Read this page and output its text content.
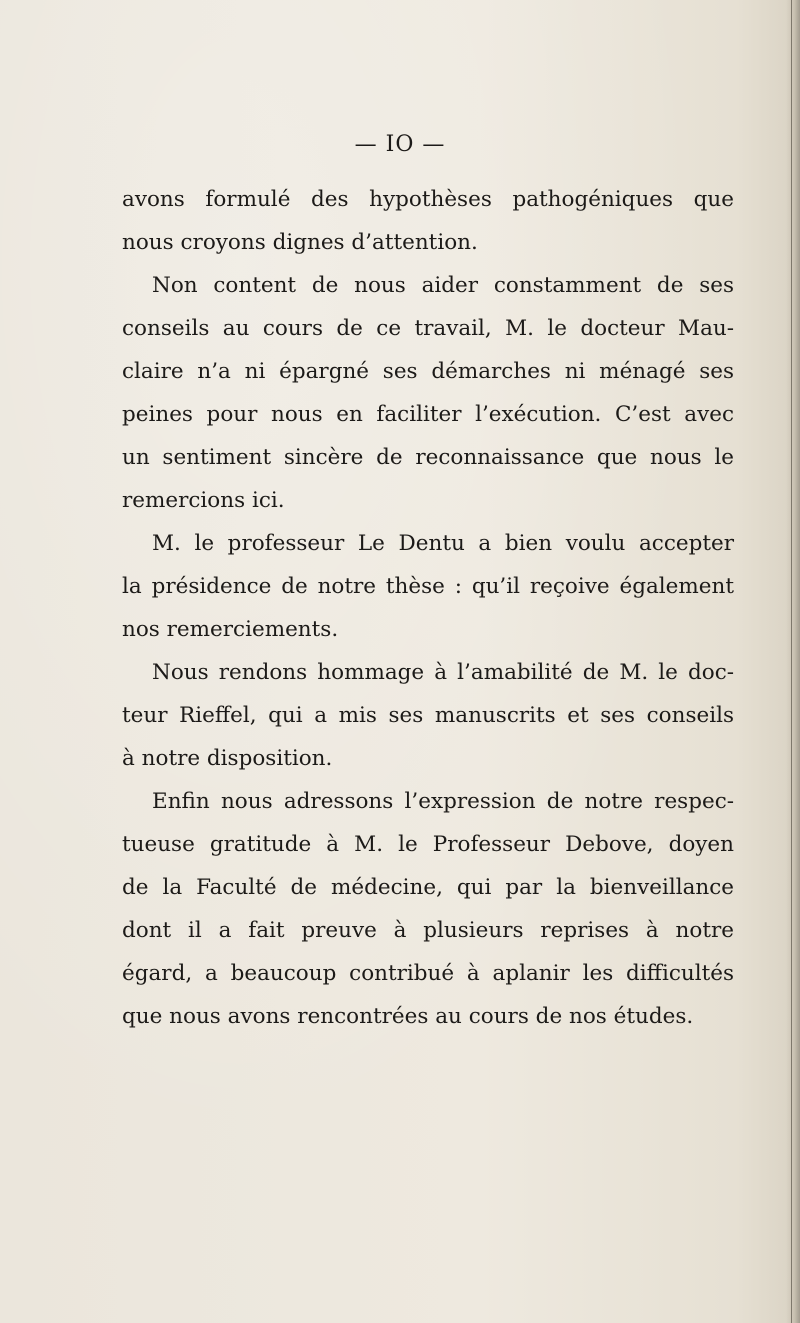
— IO —
avons formulé des hypothèses pathogéniques que
nous croyons dignes d’attention.
Non content de nous aider constamment de ses
conseils au cours de ce travail, M. le docteur Mau-
claire n’a ni épargné ses démarches ni ménagé ses
peines pour nous en faciliter l’exécution. C’est avec
un sentiment sincère de reconnaissance que nous le
remercions ici.
M. le professeur Le Dentu a bien voulu accepter
la présidence de notre thèse : qu’il reçoive également
nos remerciements.
Nous rendons hommage à l’amabilité de M. le doc-
teur Rieffel, qui a mis ses manuscrits et ses conseils
à notre disposition.
Enfin nous adressons l’expression de notre respec-
tueuse gratitude à M. le Professeur Debove, doyen
de la Faculté de médecine, qui par la bienveillance
dont il a fait preuve à plusieurs reprises à notre
égard, a beaucoup contribué à aplanir les difficultés
que nous avons rencontrées au cours de nos études.
